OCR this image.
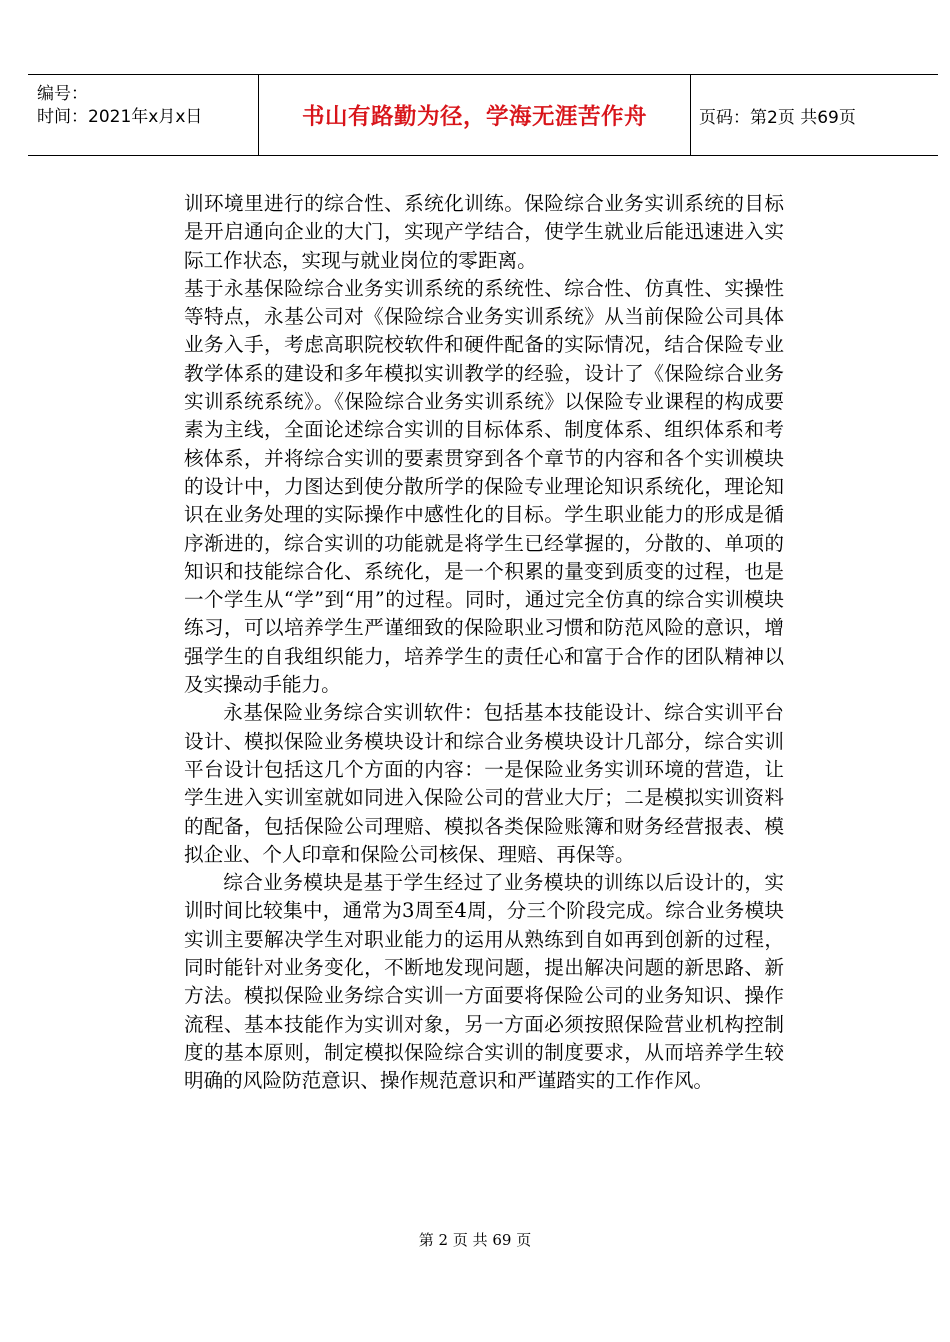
编号：
时间：2021年x月x日	书山有路勤为径，学海无涯苦作舟	页码：第2页 共69页

训环境里进行的综合性、系统化训练。保险综合业务实训系统的目标是开启通向企业的大门，实现产学结合，使学生就业后能迅速进入实际工作状态，实现与就业岗位的零距离。

基于永基保险综合业务实训系统的系统性、综合性、仿真性、实操性等特点，永基公司对《保险综合业务实训系统》从当前保险公司具体业务入手，考虑高职院校软件和硬件配备的实际情况，结合保险专业教学体系的建设和多年模拟实训教学的经验，设计了《保险综合业务实训系统系统》。《保险综合业务实训系统》以保险专业课程的构成要素为主线，全面论述综合实训的目标体系、制度体系、组织体系和考核体系，并将综合实训的要素贯穿到各个章节的内容和各个实训模块的设计中，力图达到使分散所学的保险专业理论知识系统化，理论知识在业务处理的实际操作中感性化的目标。学生职业能力的形成是循序渐进的，综合实训的功能就是将学生已经掌握的，分散的、单项的知识和技能综合化、系统化，是一个积累的量变到质变的过程，也是一个学生从“学”到“用”的过程。同时，通过完全仿真的综合实训模块练习，可以培养学生严谨细致的保险职业习惯和防范风险的意识，增强学生的自我组织能力，培养学生的责任心和富于合作的团队精神以及实操动手能力。

永基保险业务综合实训软件：包括基本技能设计、综合实训平台设计、模拟保险业务模块设计和综合业务模块设计几部分，综合实训平台设计包括这几个方面的内容：一是保险业务实训环境的营造，让学生进入实训室就如同进入保险公司的营业大厅；二是模拟实训资料的配备，包括保险公司理赔、模拟各类保险账簿和财务经营报表、模拟企业、个人印章和保险公司核保、理赔、再保等。

综合业务模块是基于学生经过了业务模块的训练以后设计的，实训时间比较集中，通常为3周至4周，分三个阶段完成。综合业务模块实训主要解决学生对职业能力的运用从熟练到自如再到创新的过程，同时能针对业务变化，不断地发现问题，提出解决问题的新思路、新方法。模拟保险业务综合实训一方面要将保险公司的业务知识、操作流程、基本技能作为实训对象，另一方面必须按照保险营业机构控制度的基本原则，制定模拟保险综合实训的制度要求，从而培养学生较明确的风险防范意识、操作规范意识和严谨踏实的工作作风。

第 2 页 共 69 页
